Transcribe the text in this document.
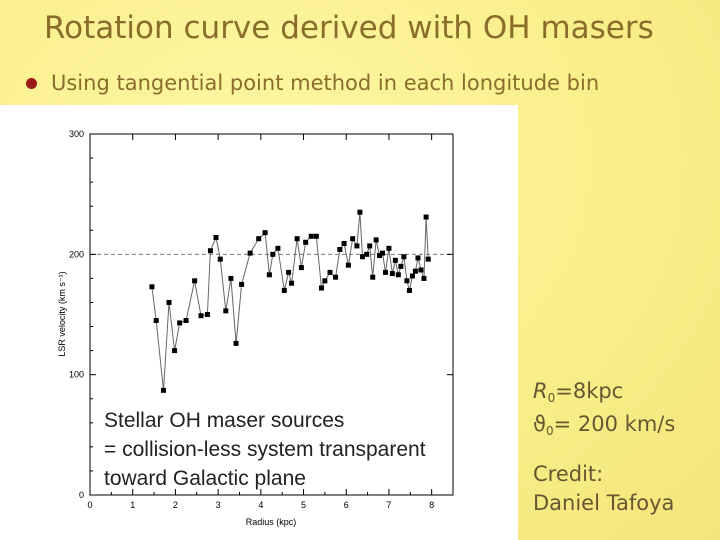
Rotation curve derived with OH masers
Using tangential point method in each longitude bin
0	1	2	3	4	5	6	7	8
0
100
200
300
Radius (kpc)
LSR velocity (km s⁻¹)
Stellar OH maser sources
= collision-less system transparent
toward Galactic plane
$R_0=8kpc$
$ϑ_0= 200$ km/s
Credit:
Daniel Tafoya
